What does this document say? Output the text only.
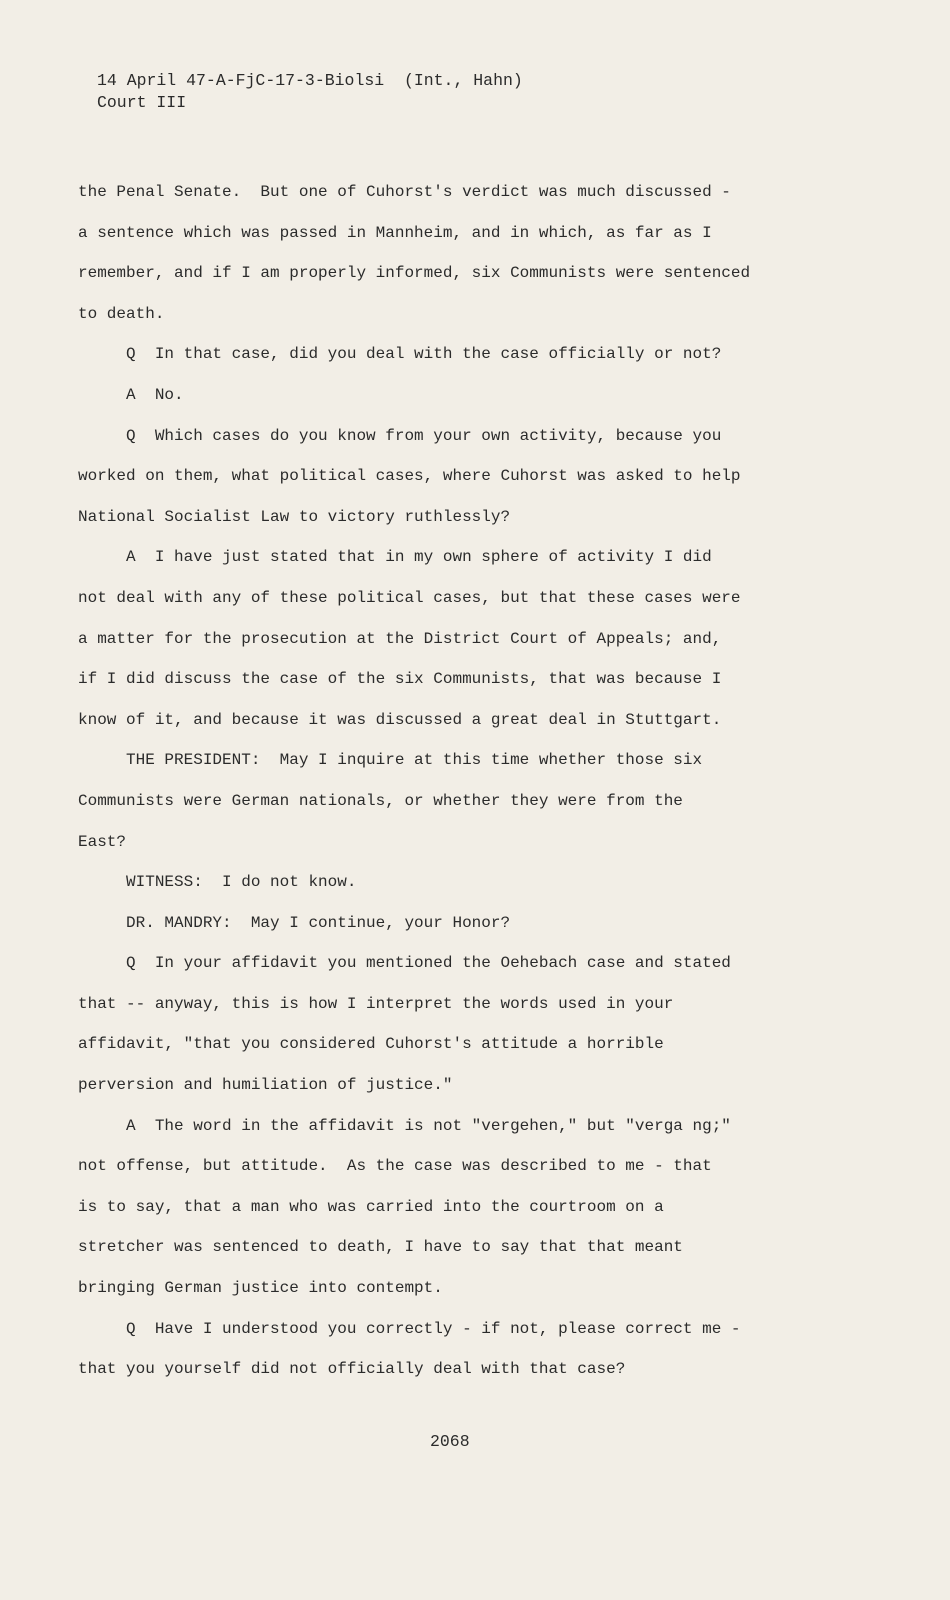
14 April 47-A-FjC-17-3-Biolsi  (Int., Hahn)
Court III

the Penal Senate.  But one of Cuhorst's verdict was much discussed -
a sentence which was passed in Mannheim, and in which, as far as I
remember, and if I am properly informed, six Communists were sentenced
to death.
Q  In that case, did you deal with the case officially or not?
A  No.
Q  Which cases do you know from your own activity, because you
worked on them, what political cases, where Cuhorst was asked to help
National Socialist Law to victory ruthlessly?
A  I have just stated that in my own sphere of activity I did
not deal with any of these political cases, but that these cases were
a matter for the prosecution at the District Court of Appeals; and,
if I did discuss the case of the six Communists, that was because I
know of it, and because it was discussed a great deal in Stuttgart.
THE PRESIDENT:  May I inquire at this time whether those six
Communists were German nationals, or whether they were from the
East?
WITNESS:  I do not know.
DR. MANDRY:  May I continue, your Honor?
Q  In your affidavit you mentioned the Oehebach case and stated
that -- anyway, this is how I interpret the words used in your
affidavit, "that you considered Cuhorst's attitude a horrible
perversion and humiliation of justice."
A  The word in the affidavit is not "vergehen," but "verga ng;"
not offense, but attitude.  As the case was described to me - that
is to say, that a man who was carried into the courtroom on a
stretcher was sentenced to death, I have to say that that meant
bringing German justice into contempt.
Q  Have I understood you correctly - if not, please correct me -
that you yourself did not officially deal with that case?

2068
